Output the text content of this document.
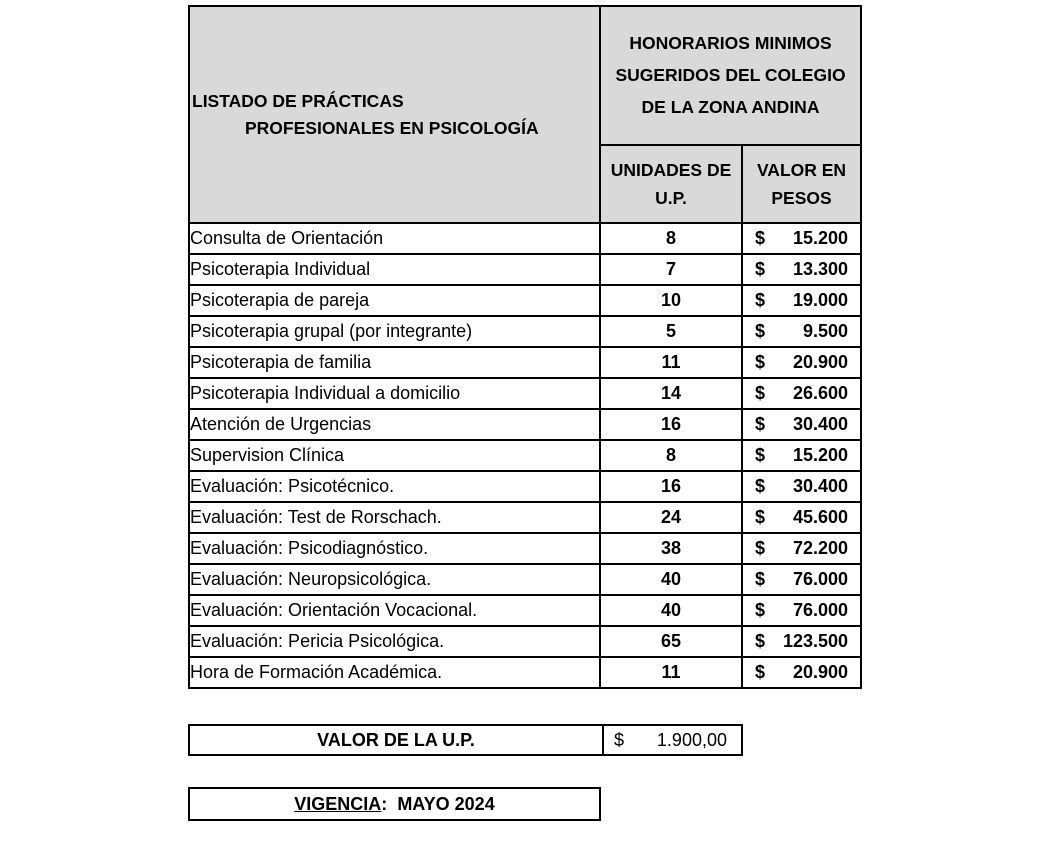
LISTADO DE PRÁCTICAS
PROFESIONALES EN PSICOLOGÍA	HONORARIOS MINIMOS SUGERIDOS DEL COLEGIO DE LA ZONA ANDINA	
	UNIDADES DE U.P.	VALOR EN PESOS
Consulta de Orientación	8	$ 15.200

Psicoterapia Individual	7	$ 13.300

Psicoterapia de pareja	10	$ 19.000

Psicoterapia grupal (por integrante)	5	$ 9.500

Psicoterapia de familia	11	$ 20.900

Psicoterapia Individual a domicilio	14	$ 26.600

Atención de Urgencias	16	$ 30.400

Supervision Clínica	8	$ 15.200

Evaluación: Psicotécnico.	16	$ 30.400

Evaluación: Test de Rorschach.	24	$ 45.600

Evaluación: Psicodiagnóstico.	38	$ 72.200

Evaluación: Neuropsicológica.	40	$ 76.000

Evaluación: Orientación Vocacional.	40	$ 76.000

Evaluación: Pericia Psicológica.	65	$ 123.500

Hora de Formación Académica.	11	$ 20.900
VALOR DE LA U.P.	$ 1.900,00
VIGENCIA :
MAYO 2024
